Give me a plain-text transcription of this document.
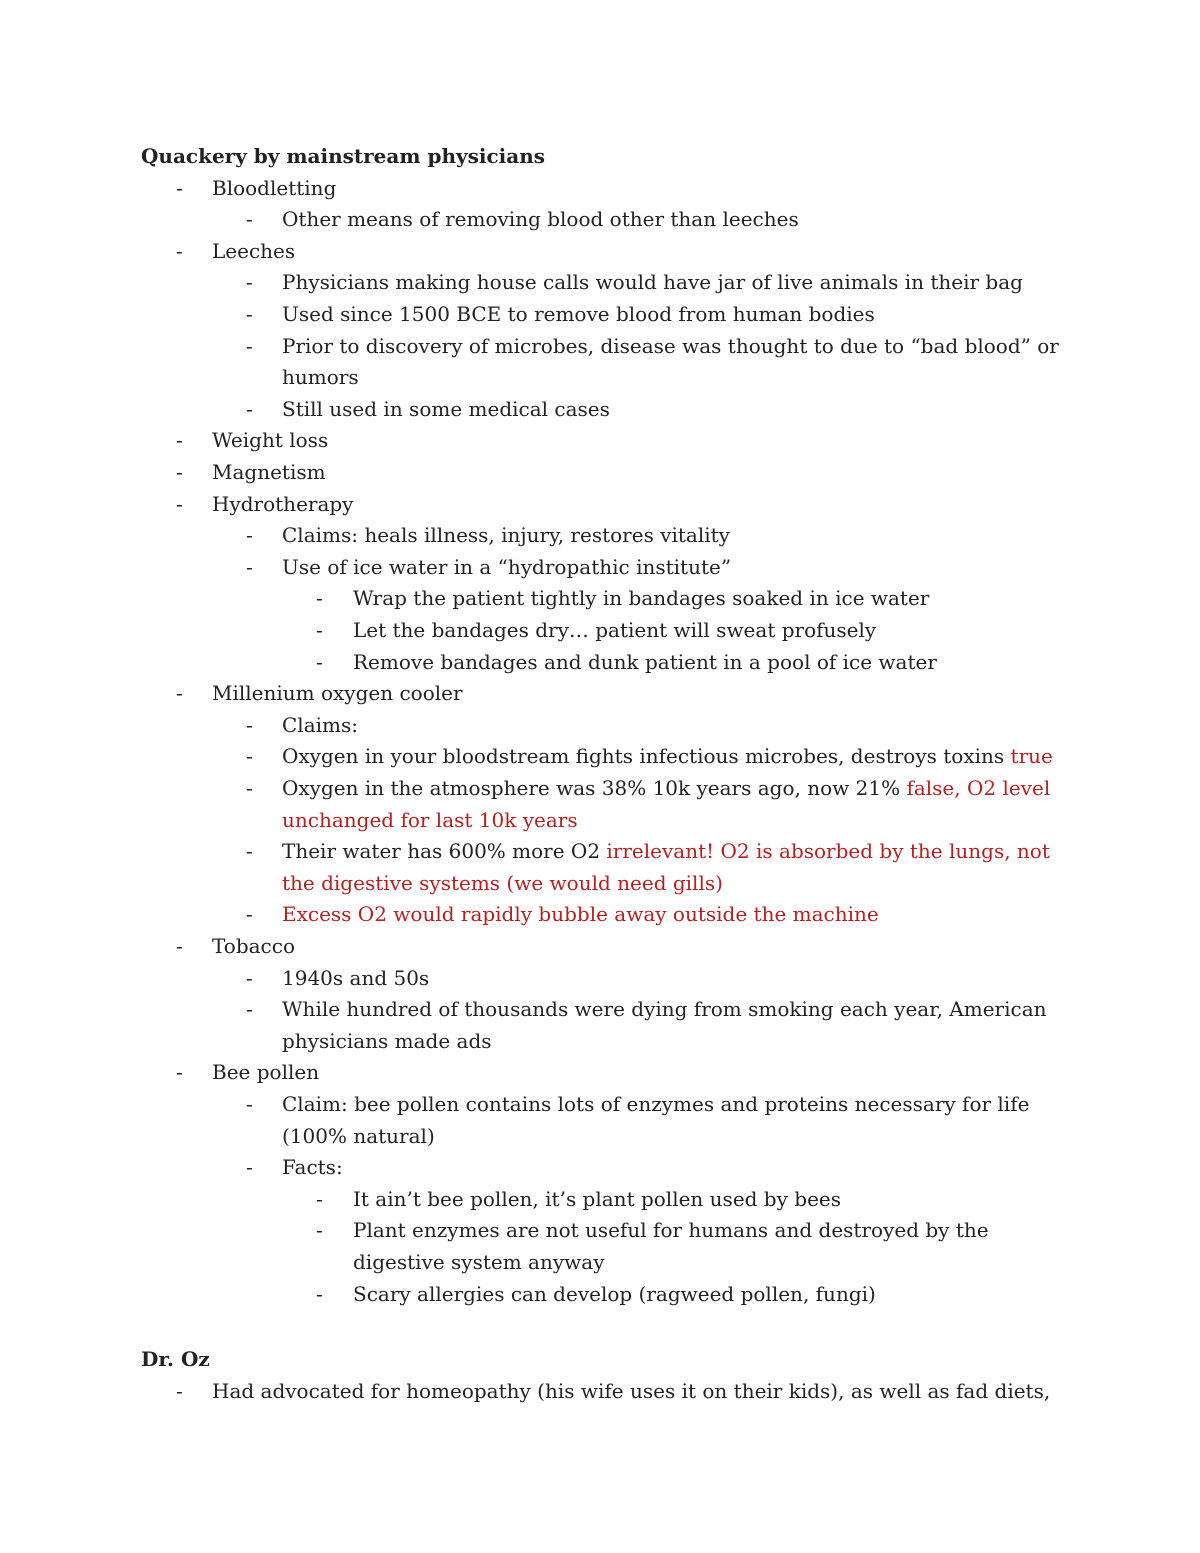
Quackery by mainstream physicians
- Bloodletting
- Other means of removing blood other than leeches
- Leeches
- Physicians making house calls would have jar of live animals in their bag
- Used since 1500 BCE to remove blood from human bodies
- Prior to discovery of microbes, disease was thought to due to “bad blood” or
humors
- Still used in some medical cases
- Weight loss
- Magnetism
- Hydrotherapy
- Claims: heals illness, injury, restores vitality
- Use of ice water in a “hydropathic institute”
- Wrap the patient tightly in bandages soaked in ice water
- Let the bandages dry… patient will sweat profusely
- Remove bandages and dunk patient in a pool of ice water
- Millenium oxygen cooler
- Claims:
- Oxygen in your bloodstream fights infectious microbes, destroys toxins true
- Oxygen in the atmosphere was 38% 10k years ago, now 21% false, O2 level
unchanged for last 10k years
- Their water has 600% more O2 irrelevant! O2 is absorbed by the lungs, not
the digestive systems (we would need gills)
- Excess O2 would rapidly bubble away outside the machine
- Tobacco
- 1940s and 50s
- While hundred of thousands were dying from smoking each year, American
physicians made ads
- Bee pollen
- Claim: bee pollen contains lots of enzymes and proteins necessary for life
(100% natural)
- Facts:
- It ain’t bee pollen, it’s plant pollen used by bees
- Plant enzymes are not useful for humans and destroyed by the
digestive system anyway
- Scary allergies can develop (ragweed pollen, fungi)
Dr. Oz
- Had advocated for homeopathy (his wife uses it on their kids), as well as fad diets,
